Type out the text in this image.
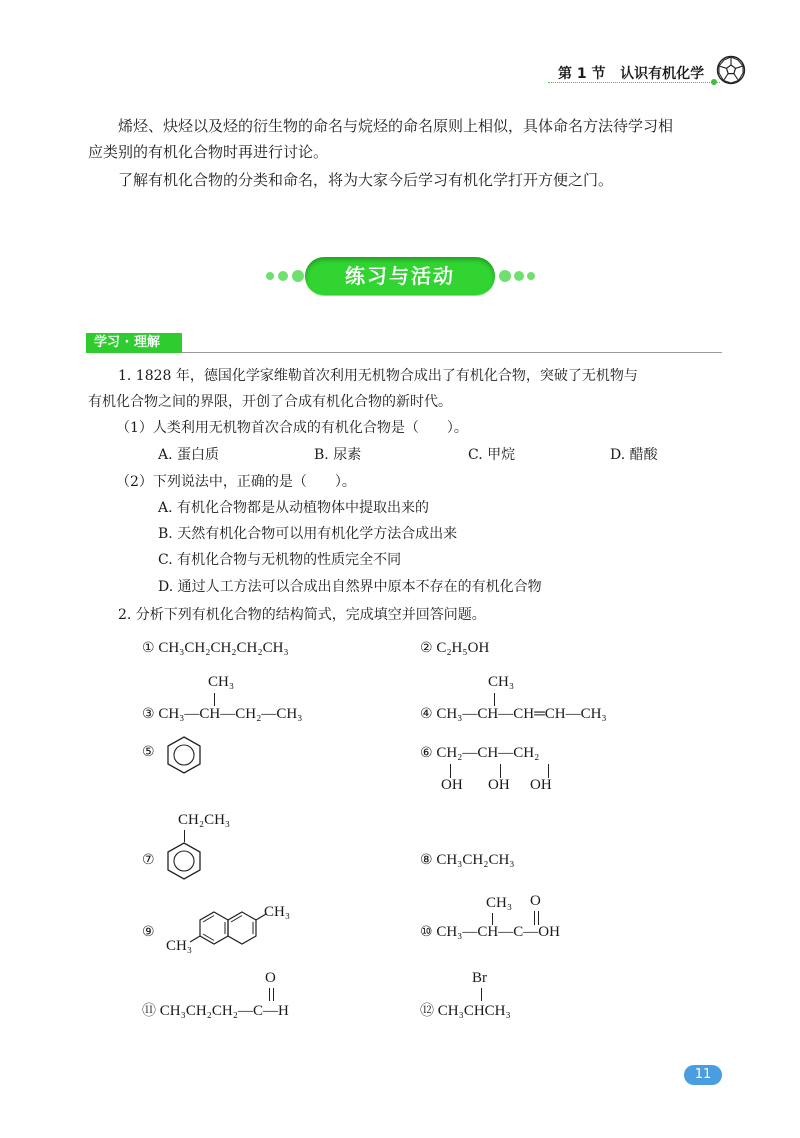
第 1 节 认识有机化学
烯烃、炔烃以及烃的衍生物的命名与烷烃的命名原则上相似，具体命名方法待学习相
应类别的有机化合物时再进行讨论。
了解有机化合物的分类和命名，将为大家今后学习有机化学打开方便之门。
练习与活动
学习 · 理解
1. 1828 年，德国化学家维勒首次利用无机物合成出了有机化合物，突破了无机物与
有机化合物之间的界限，开创了合成有机化合物的新时代。
（1）人类利用无机物首次合成的有机化合物是（　　）。
A. 蛋白质	B. 尿素	C. 甲烷	D. 醋酸
（2）下列说法中，正确的是（　　）。
A. 有机化合物都是从动植物体中提取出来的
B. 天然有机化合物可以用有机化学方法合成出来
C. 有机化合物与无机物的性质完全不同
D. 通过人工方法可以合成出自然界中原本不存在的有机化合物
2. 分析下列有机化合物的结构简式，完成填空并回答问题。
① CH₃CH₂CH₂CH₂CH₃	② C₂H₅OH
CH₃
③ CH₃—CH—CH₂—CH₃
CH₃
④ CH₃—CH—CH═CH—CH₃
⑤	⑥ CH₂—CH—CH₂
OH OH OH
CH₂CH₃
⑦	⑧ CH₃CH₂CH₃
⑨
CH₃
CH₃
CH₃ O
⑩ CH₃—CH—C—OH
O
⑪ CH₃CH₂CH₂—C—H
Br
⑫ CH₃CHCH₃
11
